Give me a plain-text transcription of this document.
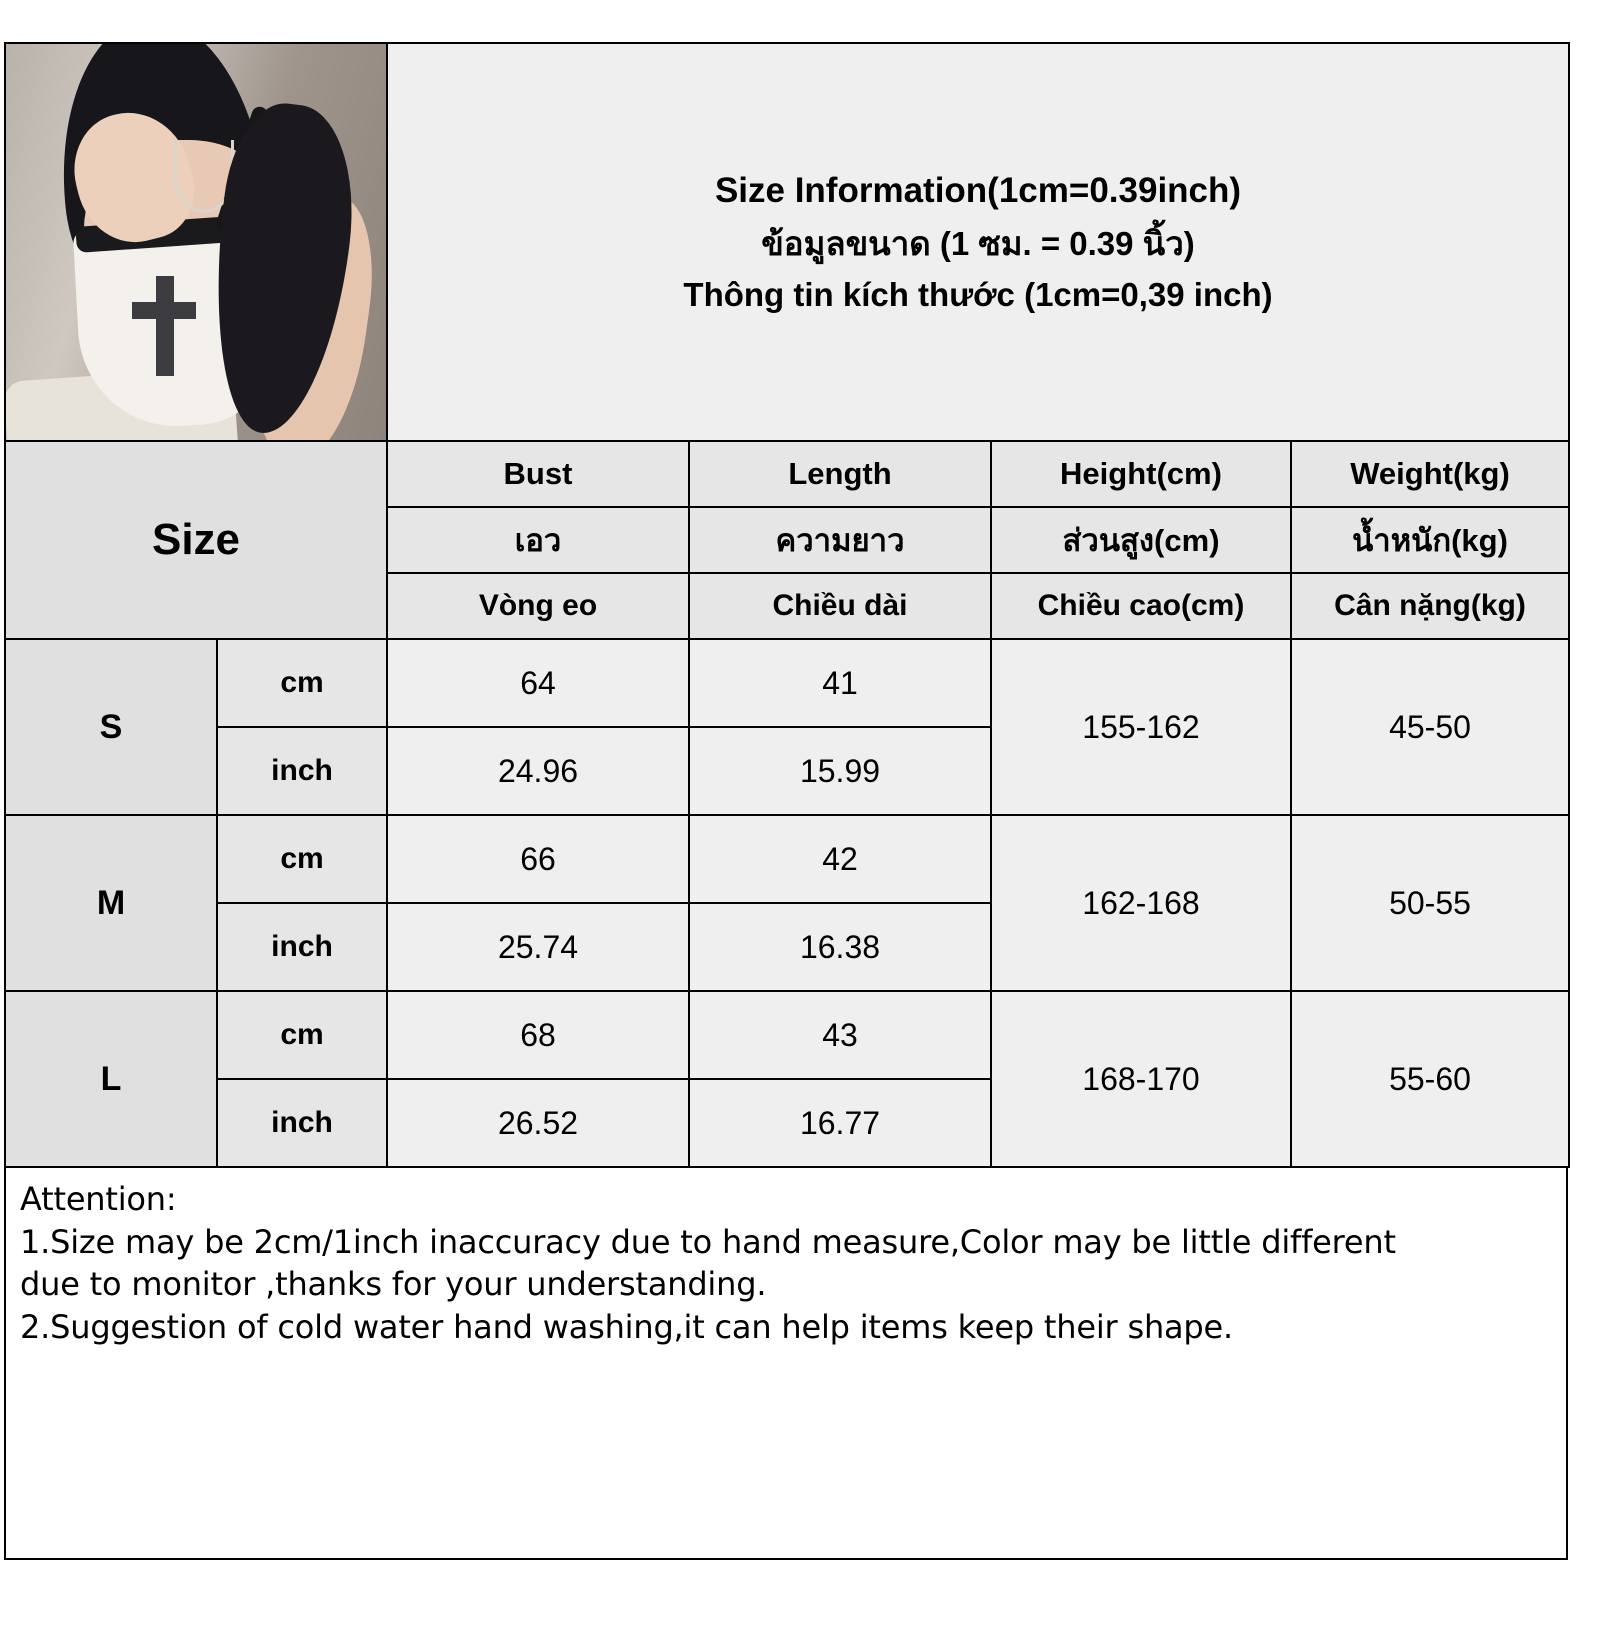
		Size Information(1cm=0.39inch)
ข้อมูลขนาด (1 ซม. = 0.39 นิ้ว)
Thông tin kích thước (1cm=0,39 inch)			

Size		Bust	Length	Height(cm)	Weight(kg)
		เอว	ความยาว	ส่วนสูง(cm)	น้ำหนัก(kg)
		Vòng eo	Chiều dài	Chiều cao(cm)	Cân nặng(kg)
S	cm	64	41	155-162	45-50
	inch	24.96	15.99		
M	cm	66	42	162-168	50-55
	inch	25.74	16.38		
L	cm	68	43	168-170	55-60
	inch	26.52	16.77		

Attention:

1.Size may be 2cm/1inch inaccuracy due to hand measure,Color may be little different

due to monitor ,thanks for your understanding.

2.Suggestion of cold water hand washing,it can help items keep their shape.
